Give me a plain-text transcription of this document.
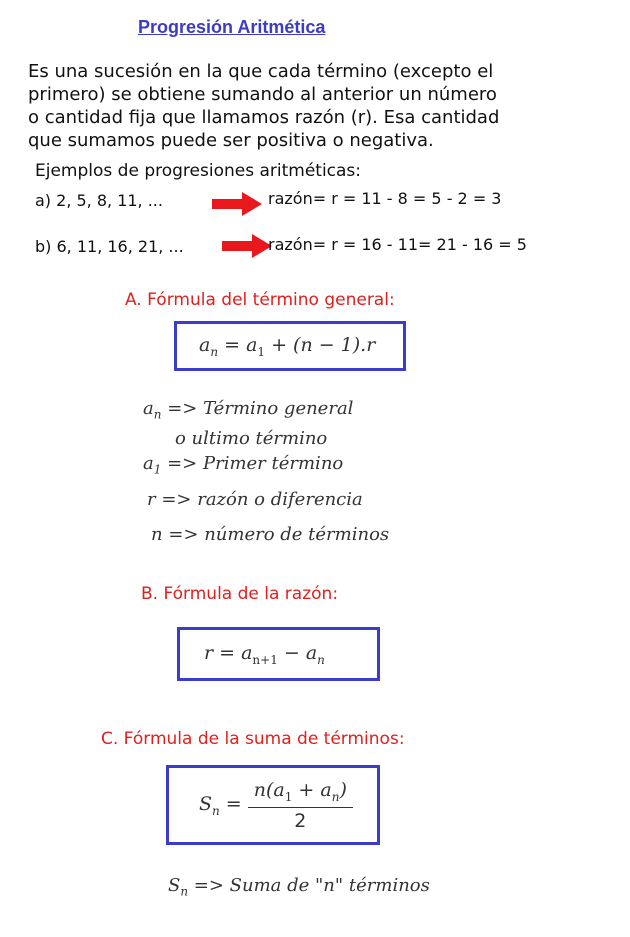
Progresión Aritmética
Es una sucesión en la que cada término (excepto el
primero) se obtiene sumando al anterior un número
o cantidad fija que llamamos razón (r). Esa cantidad
que sumamos puede ser positiva o negativa.
Ejemplos de progresiones aritméticas:
a) 2, 5, 8, 11, ...	razón= r = 11 - 8 = 5 - 2 = 3
b) 6, 11, 16, 21, ...	razón= r = 16 - 11= 21 - 16 = 5
A. Fórmula del término general:
$a_n = a_1 + (n - 1).r$
$a_n$ => Término general
o ultimo término
$a_1$ => Primer término
r => razón o diferencia
n => número de términos
B. Fórmula de la razón:
$r = a_{n+1} - a_n$
C. Fórmula de la suma de términos:
$S_n = \frac{n(a_1 + a_n)}{2}$
$S_n$ => Suma de "n" términos
